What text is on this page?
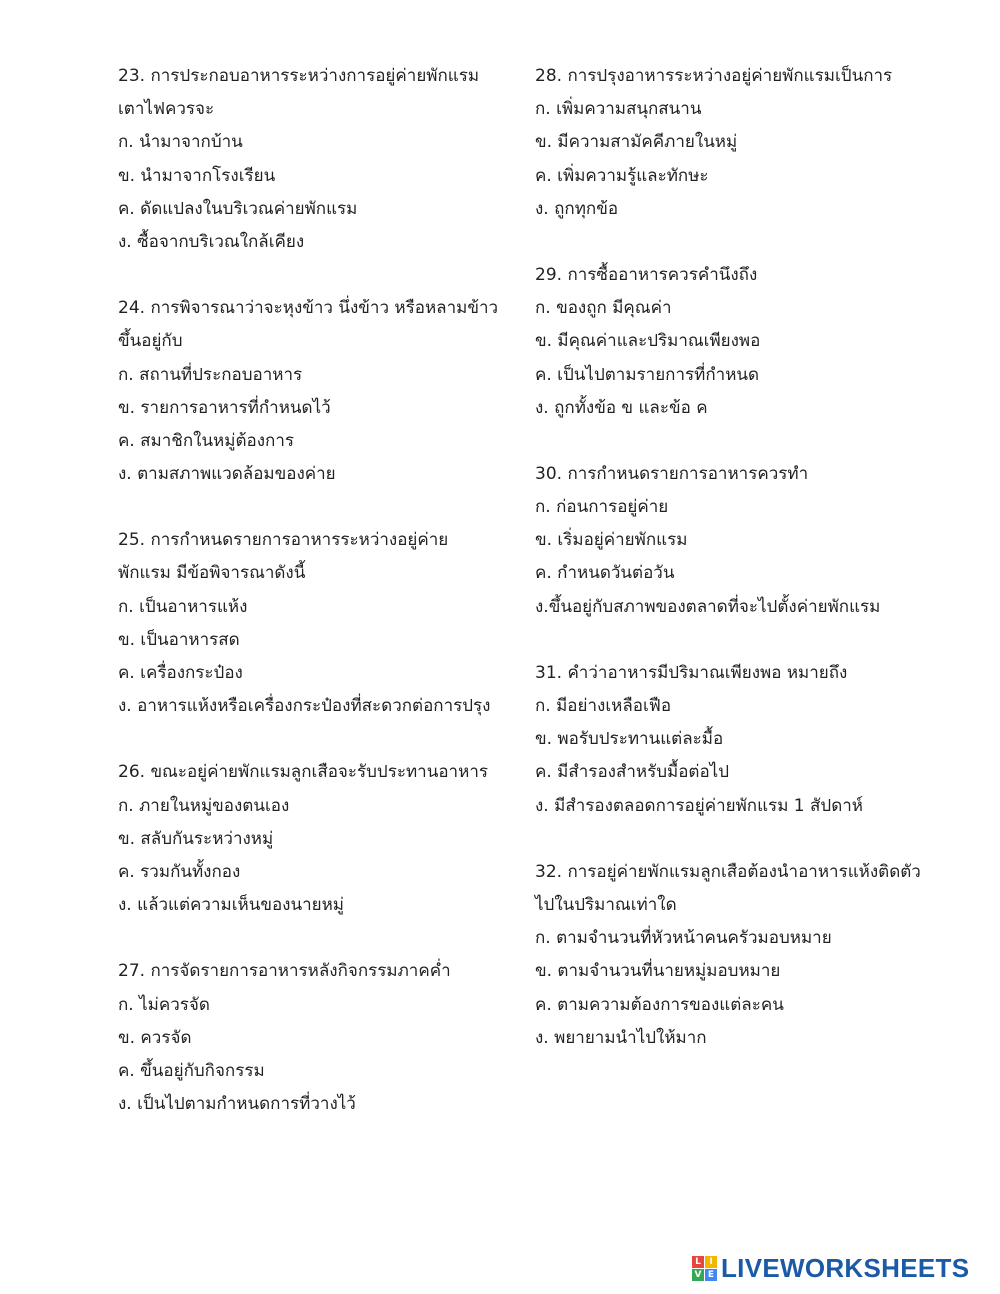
23. การประกอบอาหารระหว่างการอยู่ค่ายพักแรม
เตาไฟควรจะ
ก. นำมาจากบ้าน
ข. นำมาจากโรงเรียน
ค. ดัดแปลงในบริเวณค่ายพักแรม
ง. ซื้อจากบริเวณใกล้เคียง
24. การพิจารณาว่าจะหุงข้าว นึ่งข้าว หรือหลามข้าว
ขึ้นอยู่กับ
ก. สถานที่ประกอบอาหาร
ข. รายการอาหารที่กำหนดไว้
ค. สมาชิกในหมู่ต้องการ
ง. ตามสภาพแวดล้อมของค่าย
25. การกำหนดรายการอาหารระหว่างอยู่ค่าย
พักแรม มีข้อพิจารณาดังนี้
ก. เป็นอาหารแห้ง
ข. เป็นอาหารสด
ค. เครื่องกระป๋อง
ง. อาหารแห้งหรือเครื่องกระป๋องที่สะดวกต่อการปรุง
26. ขณะอยู่ค่ายพักแรมลูกเสือจะรับประทานอาหาร
ก. ภายในหมู่ของตนเอง
ข. สลับกันระหว่างหมู่
ค. รวมกันทั้งกอง
ง. แล้วแต่ความเห็นของนายหมู่
27. การจัดรายการอาหารหลังกิจกรรมภาคค่ำ
ก. ไม่ควรจัด
ข. ควรจัด
ค. ขึ้นอยู่กับกิจกรรม
ง. เป็นไปตามกำหนดการที่วางไว้
28. การปรุงอาหารระหว่างอยู่ค่ายพักแรมเป็นการ
ก. เพิ่มความสนุกสนาน
ข. มีความสามัคคีภายในหมู่
ค. เพิ่มความรู้และทักษะ
ง. ถูกทุกข้อ
29. การซื้ออาหารควรคำนึงถึง
ก. ของถูก มีคุณค่า
ข. มีคุณค่าและปริมาณเพียงพอ
ค. เป็นไปตามรายการที่กำหนด
ง. ถูกทั้งข้อ ข และข้อ ค
30. การกำหนดรายการอาหารควรทำ
ก. ก่อนการอยู่ค่าย
ข. เริ่มอยู่ค่ายพักแรม
ค. กำหนดวันต่อวัน
ง.ขึ้นอยู่กับสภาพของตลาดที่จะไปตั้งค่ายพักแรม
31. คำว่าอาหารมีปริมาณเพียงพอ หมายถึง
ก. มีอย่างเหลือเฟือ
ข. พอรับประทานแต่ละมื้อ
ค. มีสำรองสำหรับมื้อต่อไป
ง. มีสำรองตลอดการอยู่ค่ายพักแรม 1 สัปดาห์
32. การอยู่ค่ายพักแรมลูกเสือต้องนำอาหารแห้งติดตัว
ไปในปริมาณเท่าใด
ก. ตามจำนวนที่หัวหน้าคนครัวมอบหมาย
ข. ตามจำนวนที่นายหมู่มอบหมาย
ค. ตามความต้องการของแต่ละคน
ง. พยายามนำไปให้มาก
L I
V E LIVEWORKSHEETS
